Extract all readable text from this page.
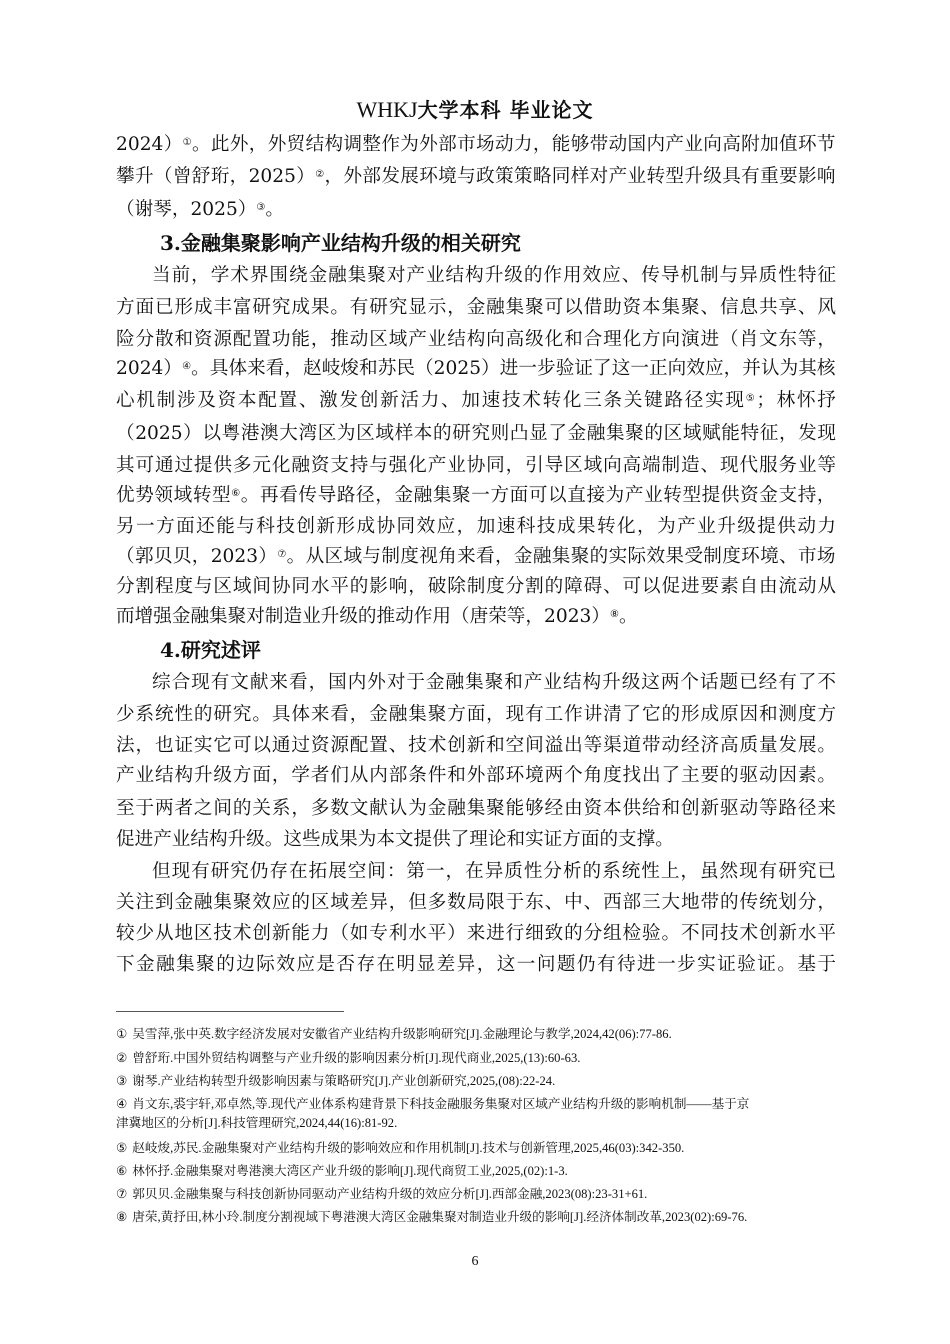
WHKJ大学本科 毕业论文
2024）①。此外，外贸结构调整作为外部市场动力，能够带动国内产业向高附加值环节
攀升（曾舒珩，2025）②，外部发展环境与政策策略同样对产业转型升级具有重要影响
（谢琴，2025）③。
3.金融集聚影响产业结构升级的相关研究
当前，学术界围绕金融集聚对产业结构升级的作用效应、传导机制与异质性特征
方面已形成丰富研究成果。有研究显示，金融集聚可以借助资本集聚、信息共享、风
险分散和资源配置功能，推动区域产业结构向高级化和合理化方向演进（肖文东等，
2024）④。具体来看，赵岐焌和苏民（2025）进一步验证了这一正向效应，并认为其核
心机制涉及资本配置、激发创新活力、加速技术转化三条关键路径实现⑤；林怀抒
（2025）以粤港澳大湾区为区域样本的研究则凸显了金融集聚的区域赋能特征，发现
其可通过提供多元化融资支持与强化产业协同，引导区域向高端制造、现代服务业等
优势领域转型⑥。再看传导路径，金融集聚一方面可以直接为产业转型提供资金支持，
另一方面还能与科技创新形成协同效应，加速科技成果转化，为产业升级提供动力
（郭贝贝，2023）⑦。从区域与制度视角来看，金融集聚的实际效果受制度环境、市场
分割程度与区域间协同水平的影响，破除制度分割的障碍、可以促进要素自由流动从
而增强金融集聚对制造业升级的推动作用（唐荣等，2023）⑧。
4.研究述评
综合现有文献来看，国内外对于金融集聚和产业结构升级这两个话题已经有了不
少系统性的研究。具体来看，金融集聚方面，现有工作讲清了它的形成原因和测度方
法，也证实它可以通过资源配置、技术创新和空间溢出等渠道带动经济高质量发展。
产业结构升级方面，学者们从内部条件和外部环境两个角度找出了主要的驱动因素。
至于两者之间的关系，多数文献认为金融集聚能够经由资本供给和创新驱动等路径来
促进产业结构升级。这些成果为本文提供了理论和实证方面的支撑。
但现有研究仍存在拓展空间：第一，在异质性分析的系统性上，虽然现有研究已
关注到金融集聚效应的区域差异，但多数局限于东、中、西部三大地带的传统划分，
较少从地区技术创新能力（如专利水平）来进行细致的分组检验。不同技术创新水平
下金融集聚的边际效应是否存在明显差异，这一问题仍有待进一步实证验证。基于
① 吴雪萍,张中英.数字经济发展对安徽省产业结构升级影响研究[J].金融理论与教学,2024,42(06):77-86.
② 曾舒珩.中国外贸结构调整与产业升级的影响因素分析[J].现代商业,2025,(13):60-63.
③ 谢琴.产业结构转型升级影响因素与策略研究[J].产业创新研究,2025,(08):22-24.
④ 肖文东,裘宇轩,邓卓然,等.现代产业体系构建背景下科技金融服务集聚对区域产业结构升级的影响机制——基于京
津冀地区的分析[J].科技管理研究,2024,44(16):81-92.
⑤ 赵岐焌,苏民.金融集聚对产业结构升级的影响效应和作用机制[J].技术与创新管理,2025,46(03):342-350.
⑥ 林怀抒.金融集聚对粤港澳大湾区产业升级的影响[J].现代商贸工业,2025,(02):1-3.
⑦ 郭贝贝.金融集聚与科技创新协同驱动产业结构升级的效应分析[J].西部金融,2023(08):23-31+61.
⑧ 唐荣,黄抒田,林小玲.制度分割视域下粤港澳大湾区金融集聚对制造业升级的影响[J].经济体制改革,2023(02):69-76.
6
